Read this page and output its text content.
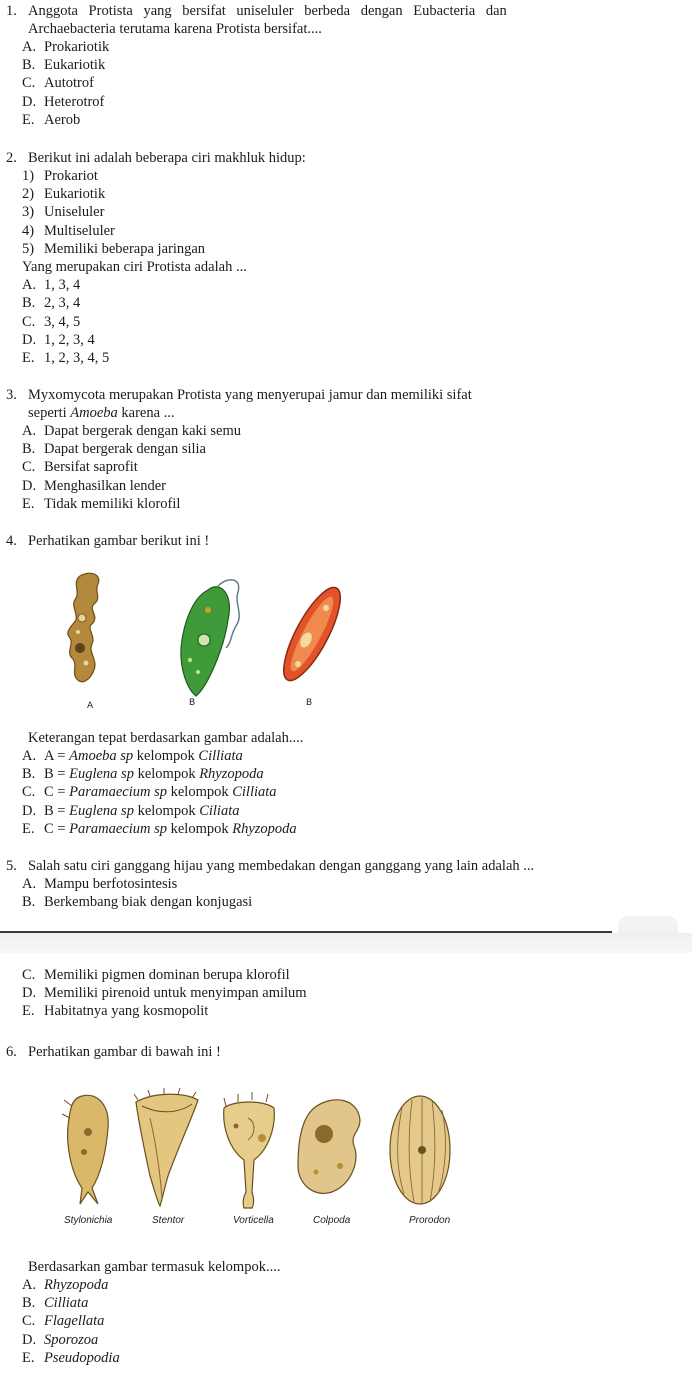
1. Anggota Protista yang bersifat uniseluler berbeda dengan Eubacteria dan
Archaebacteria terutama karena Protista bersifat....
A. Prokariotik
B. Eukariotik
C. Autotrof
D. Heterotrof
E. Aerob
2. Berikut ini adalah beberapa ciri makhluk hidup:
1) Prokariot
2) Eukariotik
3) Uniseluler
4) Multiseluler
5) Memiliki beberapa jaringan
Yang merupakan ciri Protista adalah ...
A. 1, 3, 4
B. 2, 3, 4
C. 3, 4, 5
D. 1, 2, 3, 4
E. 1, 2, 3, 4, 5
3. Myxomycota merupakan Protista yang menyerupai jamur dan memiliki sifat
seperti Amoeba karena ...
A. Dapat bergerak dengan kaki semu
B. Dapat bergerak dengan silia
C. Bersifat saprofit
D. Menghasilkan lender
E. Tidak memiliki klorofil
4. Perhatikan gambar berikut ini !
A	B	B
Keterangan tepat berdasarkan gambar adalah....
A. A = Amoeba sp kelompok Cilliata
B. B = Euglena sp kelompok Rhyzopoda
C. C = Paramaecium sp kelompok Cilliata
D. B = Euglena sp kelompok Ciliata
E. C = Paramaecium sp kelompok Rhyzopoda
5. Salah satu ciri ganggang hijau yang membedakan dengan ganggang yang lain adalah ...
A. Mampu berfotosintesis
B. Berkembang biak dengan konjugasi
C. Memiliki pigmen dominan berupa klorofil
D. Memiliki pirenoid untuk menyimpan amilum
E. Habitatnya yang kosmopolit
6. Perhatikan gambar di bawah ini !
Stylonichia	Stentor	Vorticella	Colpoda	Prorodon
Berdasarkan gambar termasuk kelompok....
A. Rhyzopoda
B. Cilliata
C. Flagellata
D. Sporozoa
E. Pseudopodia
